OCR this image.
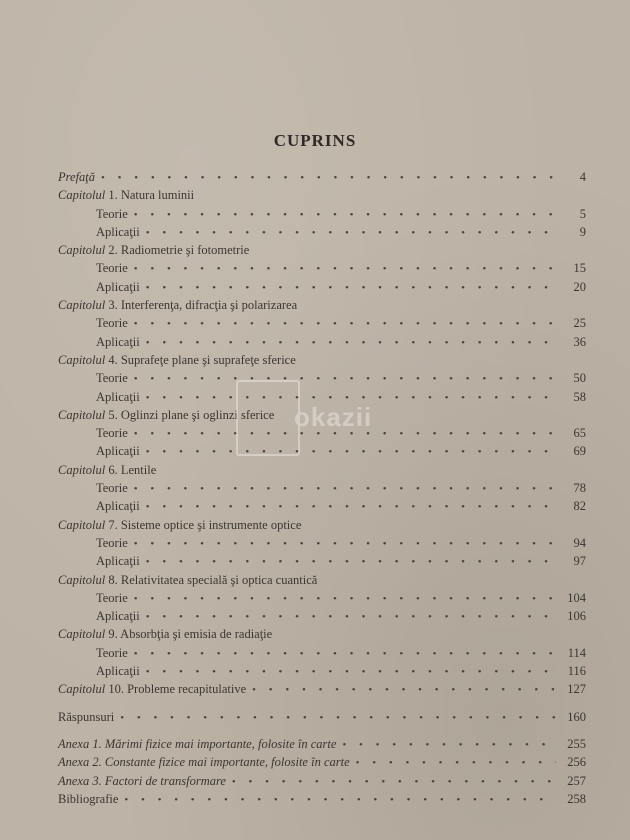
CUPRINS
Prefaţă • • •	4
Capitolul 1. Natura luminii
Teorie • • •	5
Aplicaţii • • •	9
Capitolul 2. Radiometrie şi fotometrie
Teorie • • •	15
Aplicaţii • • •	20
Capitolul 3. Interferenţa, difracţia şi polarizarea
Teorie • • •	25
Aplicaţii • • •	36
Capitolul 4. Suprafeţe plane şi suprafeţe sferice
Teorie • • •	50
Aplicaţii • • •	58
Capitolul 5. Oglinzi plane şi oglinzi sferice
Teorie • • •	65
Aplicaţii • • •	69
Capitolul 6. Lentile
Teorie • • •	78
Aplicaţii • • •	82
Capitolul 7. Sisteme optice şi instrumente optice
Teorie • • •	94
Aplicaţii • • •	97
Capitolul 8. Relativitatea specială şi optica cuantică
Teorie • • •	104
Aplicaţii • • •	106
Capitolul 9. Absorbţia şi emisia de radiaţie
Teorie • • •	114
Aplicaţii • • •	116
Capitolul 10. Probleme recapitulative • • •	127
Răspunsuri • • •	160
Anexa 1. Mărimi fizice mai importante, folosite în carte • • •	255
Anexa 2. Constante fizice mai importante, folosite în carte • • •	256
Anexa 3. Factori de transformare • • •	257
Bibliografie • • •	258
okazii
